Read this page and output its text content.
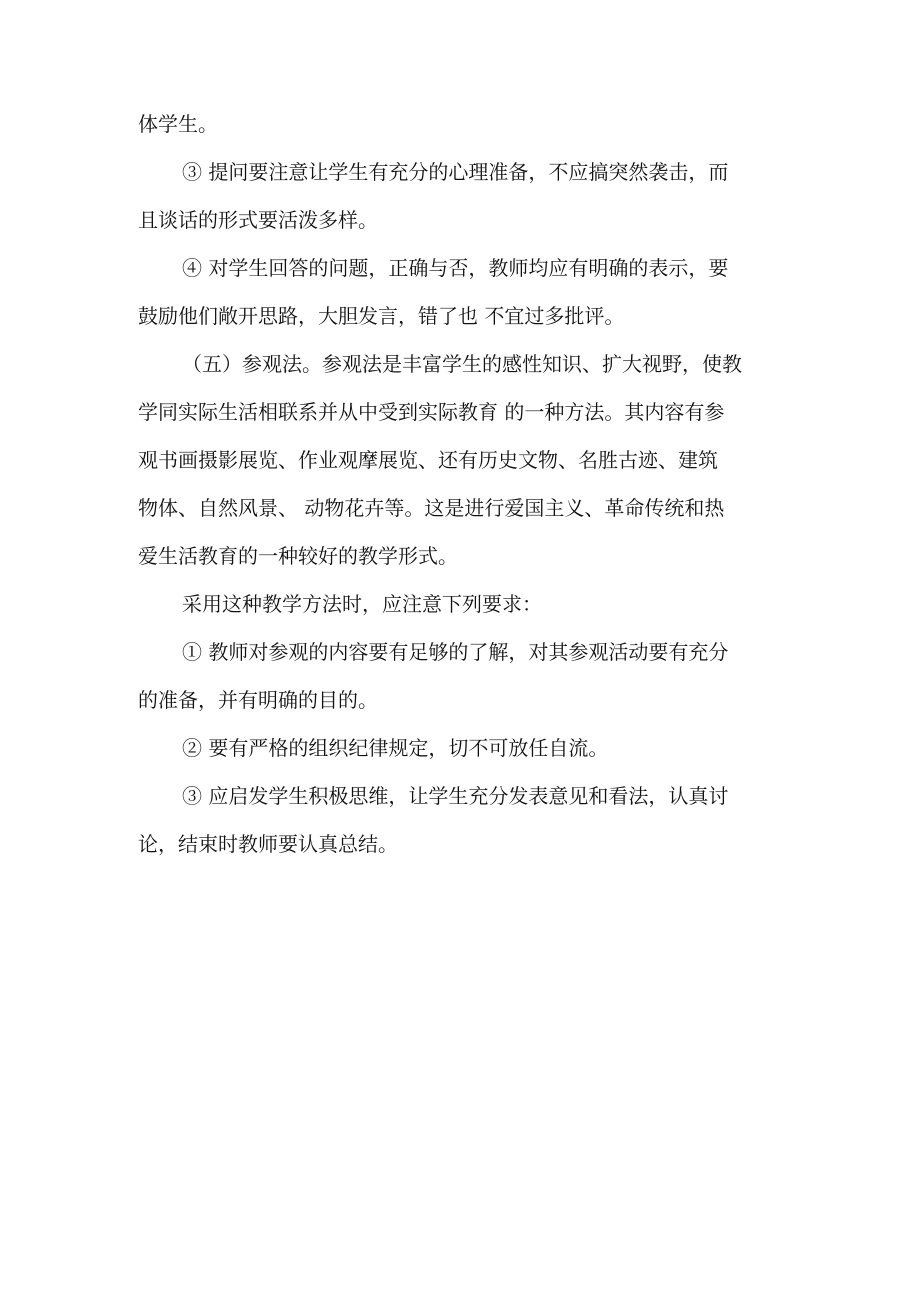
体学生。
③ 提问要注意让学生有充分的心理准备，不应搞突然袭击，而
且谈话的形式要活泼多样。
④ 对学生回答的问题，正确与否，教师均应有明确的表示，要
鼓励他们敞开思路，大胆发言，错了也 不宜过多批评。
（五）参观法。参观法是丰富学生的感性知识、扩大视野，使教
学同实际生活相联系并从中受到实际教育 的一种方法。其内容有参
观书画摄影展览、作业观摩展览、还有历史文物、名胜古迹、建筑
物体、自然风景、 动物花卉等。这是进行爱国主义、革命传统和热
爱生活教育的一种较好的教学形式。
采用这种教学方法时，应注意下列要求：
① 教师对参观的内容要有足够的了解，对其参观活动要有充分
的准备，并有明确的目的。
② 要有严格的组织纪律规定，切不可放任自流。
③ 应启发学生积极思维，让学生充分发表意见和看法，认真讨
论，结束时教师要认真总结。
